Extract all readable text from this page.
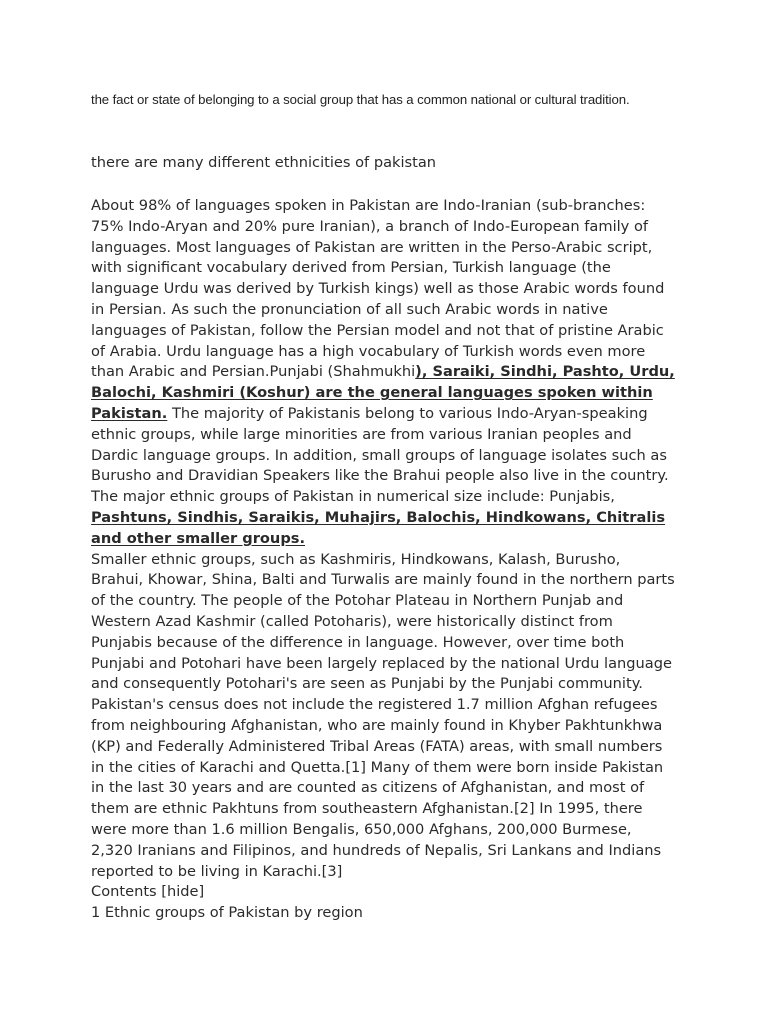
the fact or state of belonging to a social group that has a common national or cultural tradition.
there are many different ethnicities of pakistan
About 98% of languages spoken in Pakistan are Indo-Iranian (sub-branches:
75% Indo-Aryan and 20% pure Iranian), a branch of Indo-European family of
languages. Most languages of Pakistan are written in the Perso-Arabic script,
with significant vocabulary derived from Persian, Turkish language (the
language Urdu was derived by Turkish kings) well as those Arabic words found
in Persian. As such the pronunciation of all such Arabic words in native
languages of Pakistan, follow the Persian model and not that of pristine Arabic
of Arabia. Urdu language has a high vocabulary of Turkish words even more
than Arabic and Persian.Punjabi (Shahmukhi), Saraiki, Sindhi, Pashto, Urdu,
Balochi, Kashmiri (Koshur) are the general languages spoken within
Pakistan. The majority of Pakistanis belong to various Indo-Aryan-speaking
ethnic groups, while large minorities are from various Iranian peoples and
Dardic language groups. In addition, small groups of language isolates such as
Burusho and Dravidian Speakers like the Brahui people also live in the country.
The major ethnic groups of Pakistan in numerical size include: Punjabis,
Pashtuns, Sindhis, Saraikis, Muhajirs, Balochis, Hindkowans, Chitralis
and other smaller groups.
Smaller ethnic groups, such as Kashmiris, Hindkowans, Kalash, Burusho,
Brahui, Khowar, Shina, Balti and Turwalis are mainly found in the northern parts
of the country. The people of the Potohar Plateau in Northern Punjab and
Western Azad Kashmir (called Potoharis), were historically distinct from
Punjabis because of the difference in language. However, over time both
Punjabi and Potohari have been largely replaced by the national Urdu language
and consequently Potohari's are seen as Punjabi by the Punjabi community.
Pakistan's census does not include the registered 1.7 million Afghan refugees
from neighbouring Afghanistan, who are mainly found in Khyber Pakhtunkhwa
(KP) and Federally Administered Tribal Areas (FATA) areas, with small numbers
in the cities of Karachi and Quetta.[1] Many of them were born inside Pakistan
in the last 30 years and are counted as citizens of Afghanistan, and most of
them are ethnic Pakhtuns from southeastern Afghanistan.[2] In 1995, there
were more than 1.6 million Bengalis, 650,000 Afghans, 200,000 Burmese,
2,320 Iranians and Filipinos, and hundreds of Nepalis, Sri Lankans and Indians
reported to be living in Karachi.[3]
Contents [hide]
1 Ethnic groups of Pakistan by region
